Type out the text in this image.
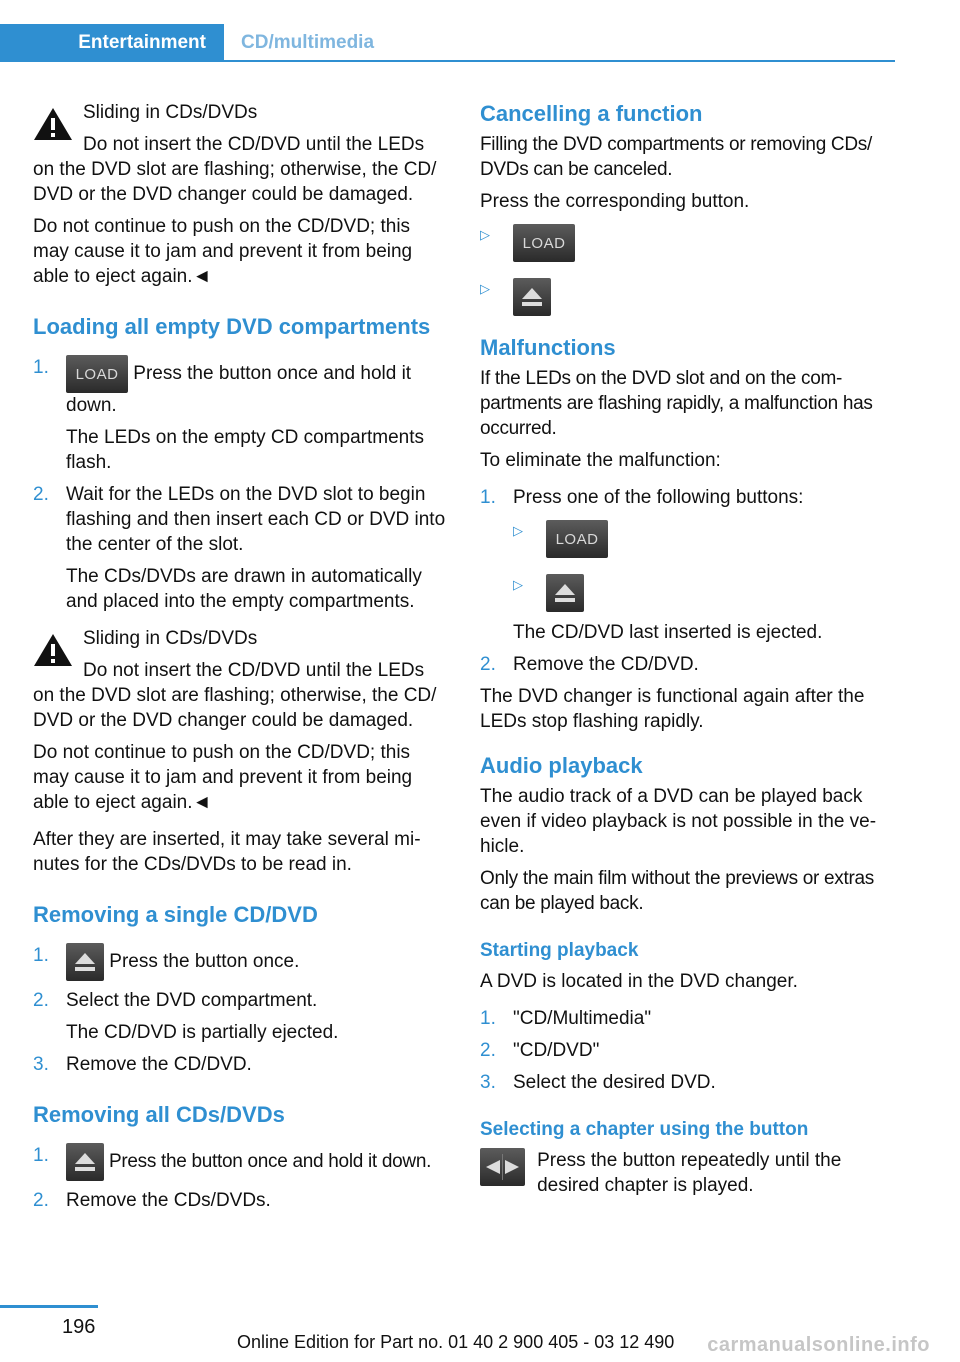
Entertainment	CD/multimedia

Sliding in CDs/DVDs

Do not insert the CD/DVD until the LEDs

on the DVD slot are flashing; otherwise, the CD/ DVD or the DVD changer could be damaged.

Do not continue to push on the CD/DVD; this may cause it to jam and prevent it from being able to eject again.◄

Loading all empty DVD compartments
1.	LOAD Press the button once and hold it down.

The LEDs on the empty CD compartments flash.

2. Wait for the LEDs on the DVD slot to begin flashing and then insert each CD or DVD into the center of the slot.

The CDs/DVDs are drawn in automatically and placed into the empty compartments.

Sliding in CDs/DVDs

Do not insert the CD/DVD until the LEDs

on the DVD slot are flashing; otherwise, the CD/ DVD or the DVD changer could be damaged.

Do not continue to push on the CD/DVD; this may cause it to jam and prevent it from being able to eject again.◄

After they are inserted, it may take several mi‐ nutes for the CDs/DVDs to be read in.

Removing a single CD/DVD
1.	Press the button once.

2. Select the DVD compartment.

The CD/DVD is partially ejected.

3. Remove the CD/DVD.

Removing all CDs/DVDs
1.	Press the button once and hold it down.

2. Remove the CDs/DVDs.

Cancelling a function

Filling the DVD compartments or removing CDs/ DVDs can be canceled.

Press the corresponding button.

▷	LOAD
▷
Malfunctions

If the LEDs on the DVD slot and on the com‐ partments are flashing rapidly, a malfunction has occurred.

To eliminate the malfunction:

1. Press one of the following buttons:

▷	LOAD
▷

The CD/DVD last inserted is ejected.

2. Remove the CD/DVD.

The DVD changer is functional again after the LEDs stop flashing rapidly.

Audio playback

The audio track of a DVD can be played back even if video playback is not possible in the ve‐ hicle.

Only the main film without the previews or extras can be played back.

Starting playback

A DVD is located in the DVD changer.

1. "CD/Multimedia"

2. "CD/DVD"

3. Select the desired DVD.

Selecting a chapter using the button

Press the button repeatedly until the desired chapter is played.

196
Online Edition for Part no. 01 40 2 900 405 - 03 12 490 carmanualsonline.info
